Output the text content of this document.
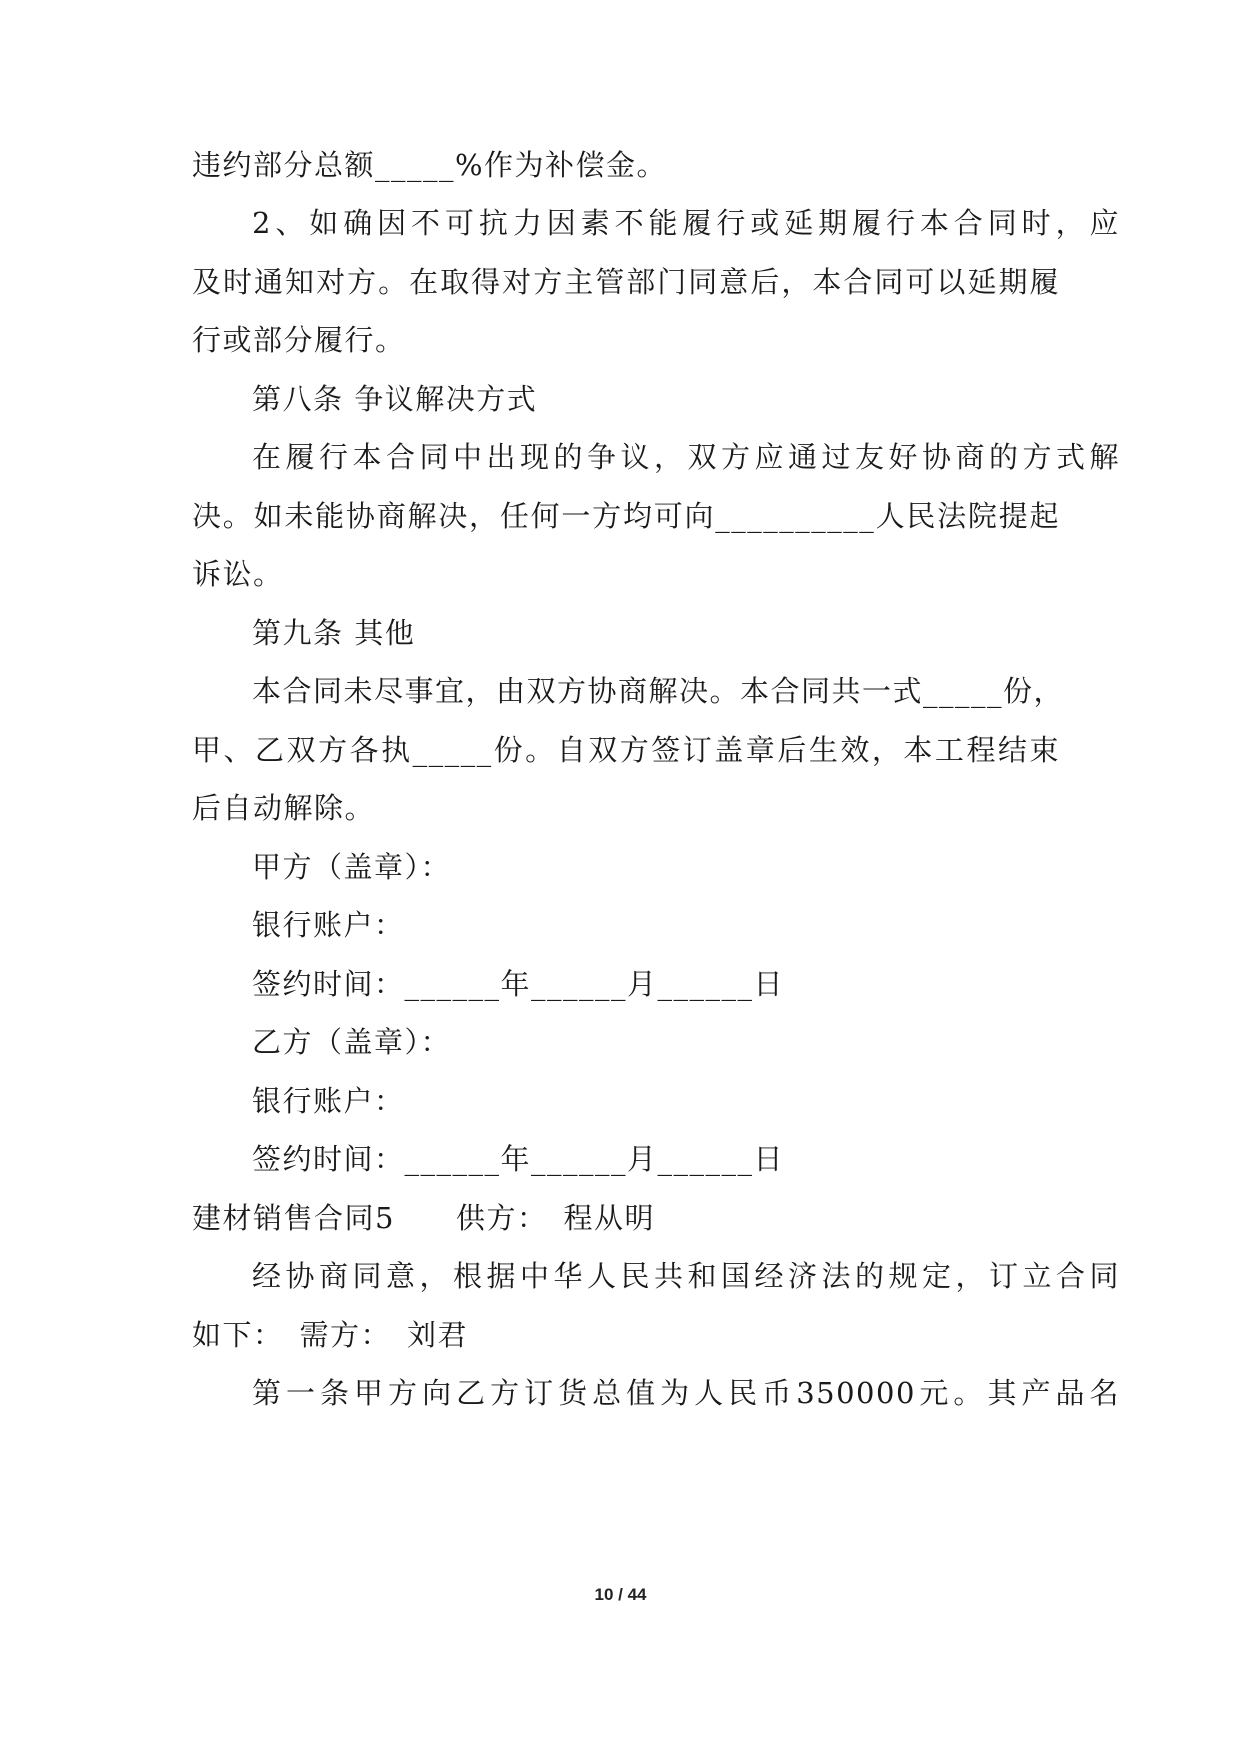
违约部分总额_____%作为补偿金。

2、如确因不可抗力因素不能履行或延期履行本合同时，应

及时通知对方。在取得对方主管部门同意后，本合同可以延期履

行或部分履行。

第八条 争议解决方式

在履行本合同中出现的争议，双方应通过友好协商的方式解

决。如未能协商解决，任何一方均可向__________人民法院提起

诉讼。

第九条 其他

本合同未尽事宜，由双方协商解决。本合同共一式_____份，

甲、乙双方各执_____份。自双方签订盖章后生效，本工程结束

后自动解除。

甲方（盖章）：

银行账户：

签约时间：______年______月______日

乙方（盖章）：

银行账户：

签约时间：______年______月______日

建材销售合同5　　供方：　程从明

经协商同意，根据中华人民共和国经济法的规定，订立合同

如下：　需方：　刘君

第一条甲方向乙方订货总值为人民币350000元。其产品名

10 / 44
